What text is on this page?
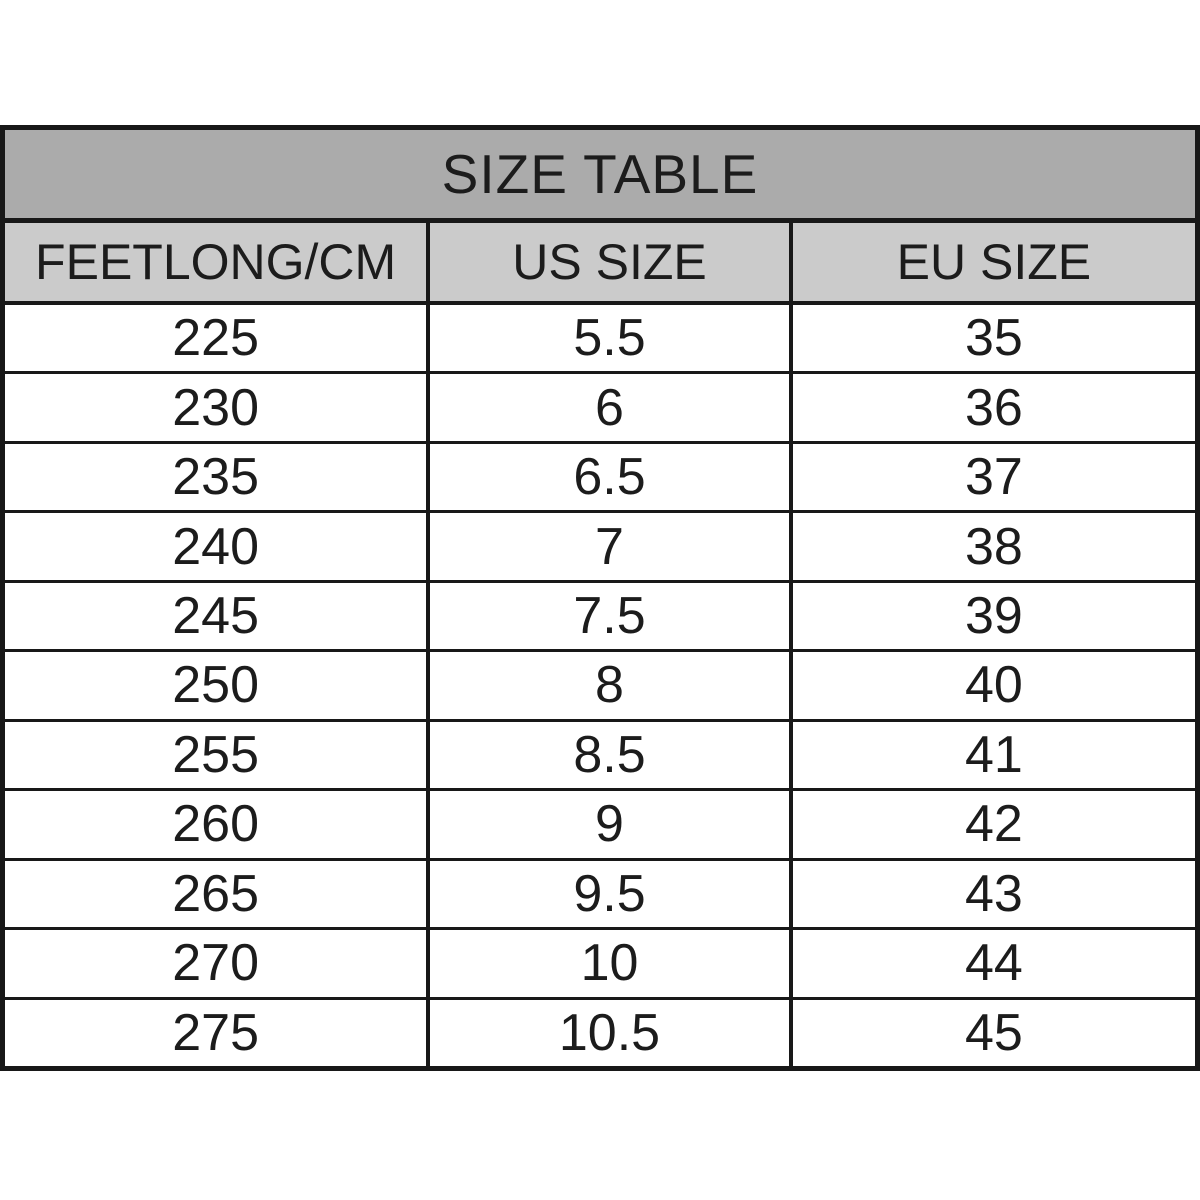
SIZE TABLE
FEETLONG/CM	US SIZE	EU SIZE
225	5.5	35
230	6	36
235	6.5	37
240	7	38
245	7.5	39
250	8	40
255	8.5	41
260	9	42
265	9.5	43
270	10	44
275	10.5	45
